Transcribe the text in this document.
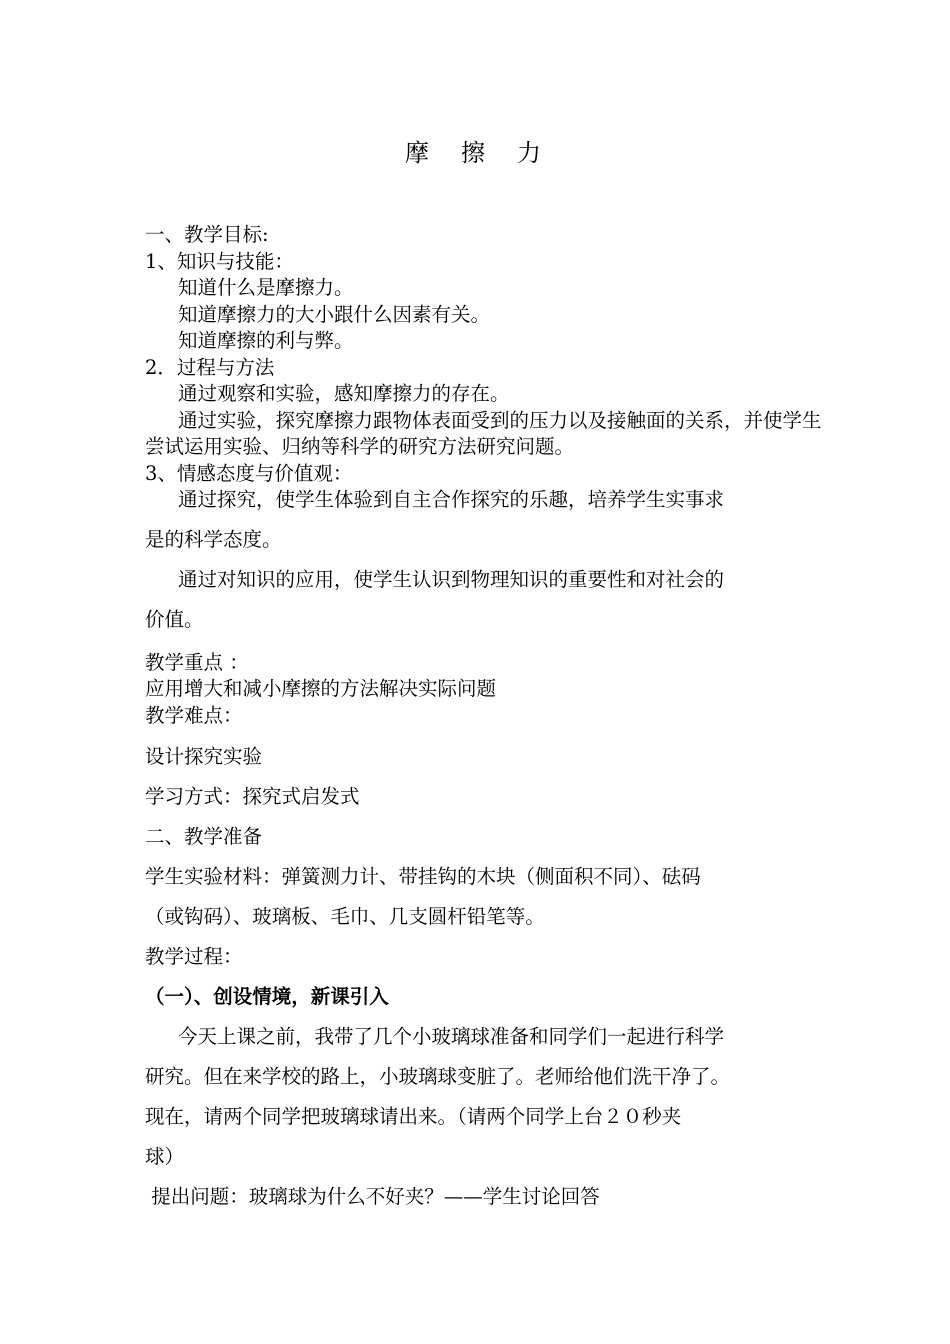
摩　擦　力

一、教学目标:

1、知识与技能：

知道什么是摩擦力。

知道摩擦力的大小跟什么因素有关。

知道摩擦的利与弊。

2．过程与方法

通过观察和实验，感知摩擦力的存在。

通过实验，探究摩擦力跟物体表面受到的压力以及接触面的关系，并使学生尝试运用实验、归纳等科学的研究方法研究问题。

3、情感态度与价值观：

通过探究，使学生体验到自主合作探究的乐趣，培养学生实事求

是的科学态度。

通过对知识的应用，使学生认识到物理知识的重要性和对社会的

价值。

教学重点 ：

应用增大和减小摩擦的方法解决实际问题

教学难点：

设计探究实验

学习方式：探究式启发式

二、教学准备

学生实验材料：弹簧测力计、带挂钩的木块（侧面积不同）、砝码

（或钩码）、玻璃板、毛巾、几支圆杆铅笔等。

教学过程：

（一）、创设情境，新课引入

今天上课之前，我带了几个小玻璃球准备和同学们一起进行科学

研究。但在来学校的路上，小玻璃球变脏了。老师给他们洗干净了。

现在，请两个同学把玻璃球请出来。（请两个同学上台２０秒夹

球）

提出问题：玻璃球为什么不好夹？——学生讨论回答
